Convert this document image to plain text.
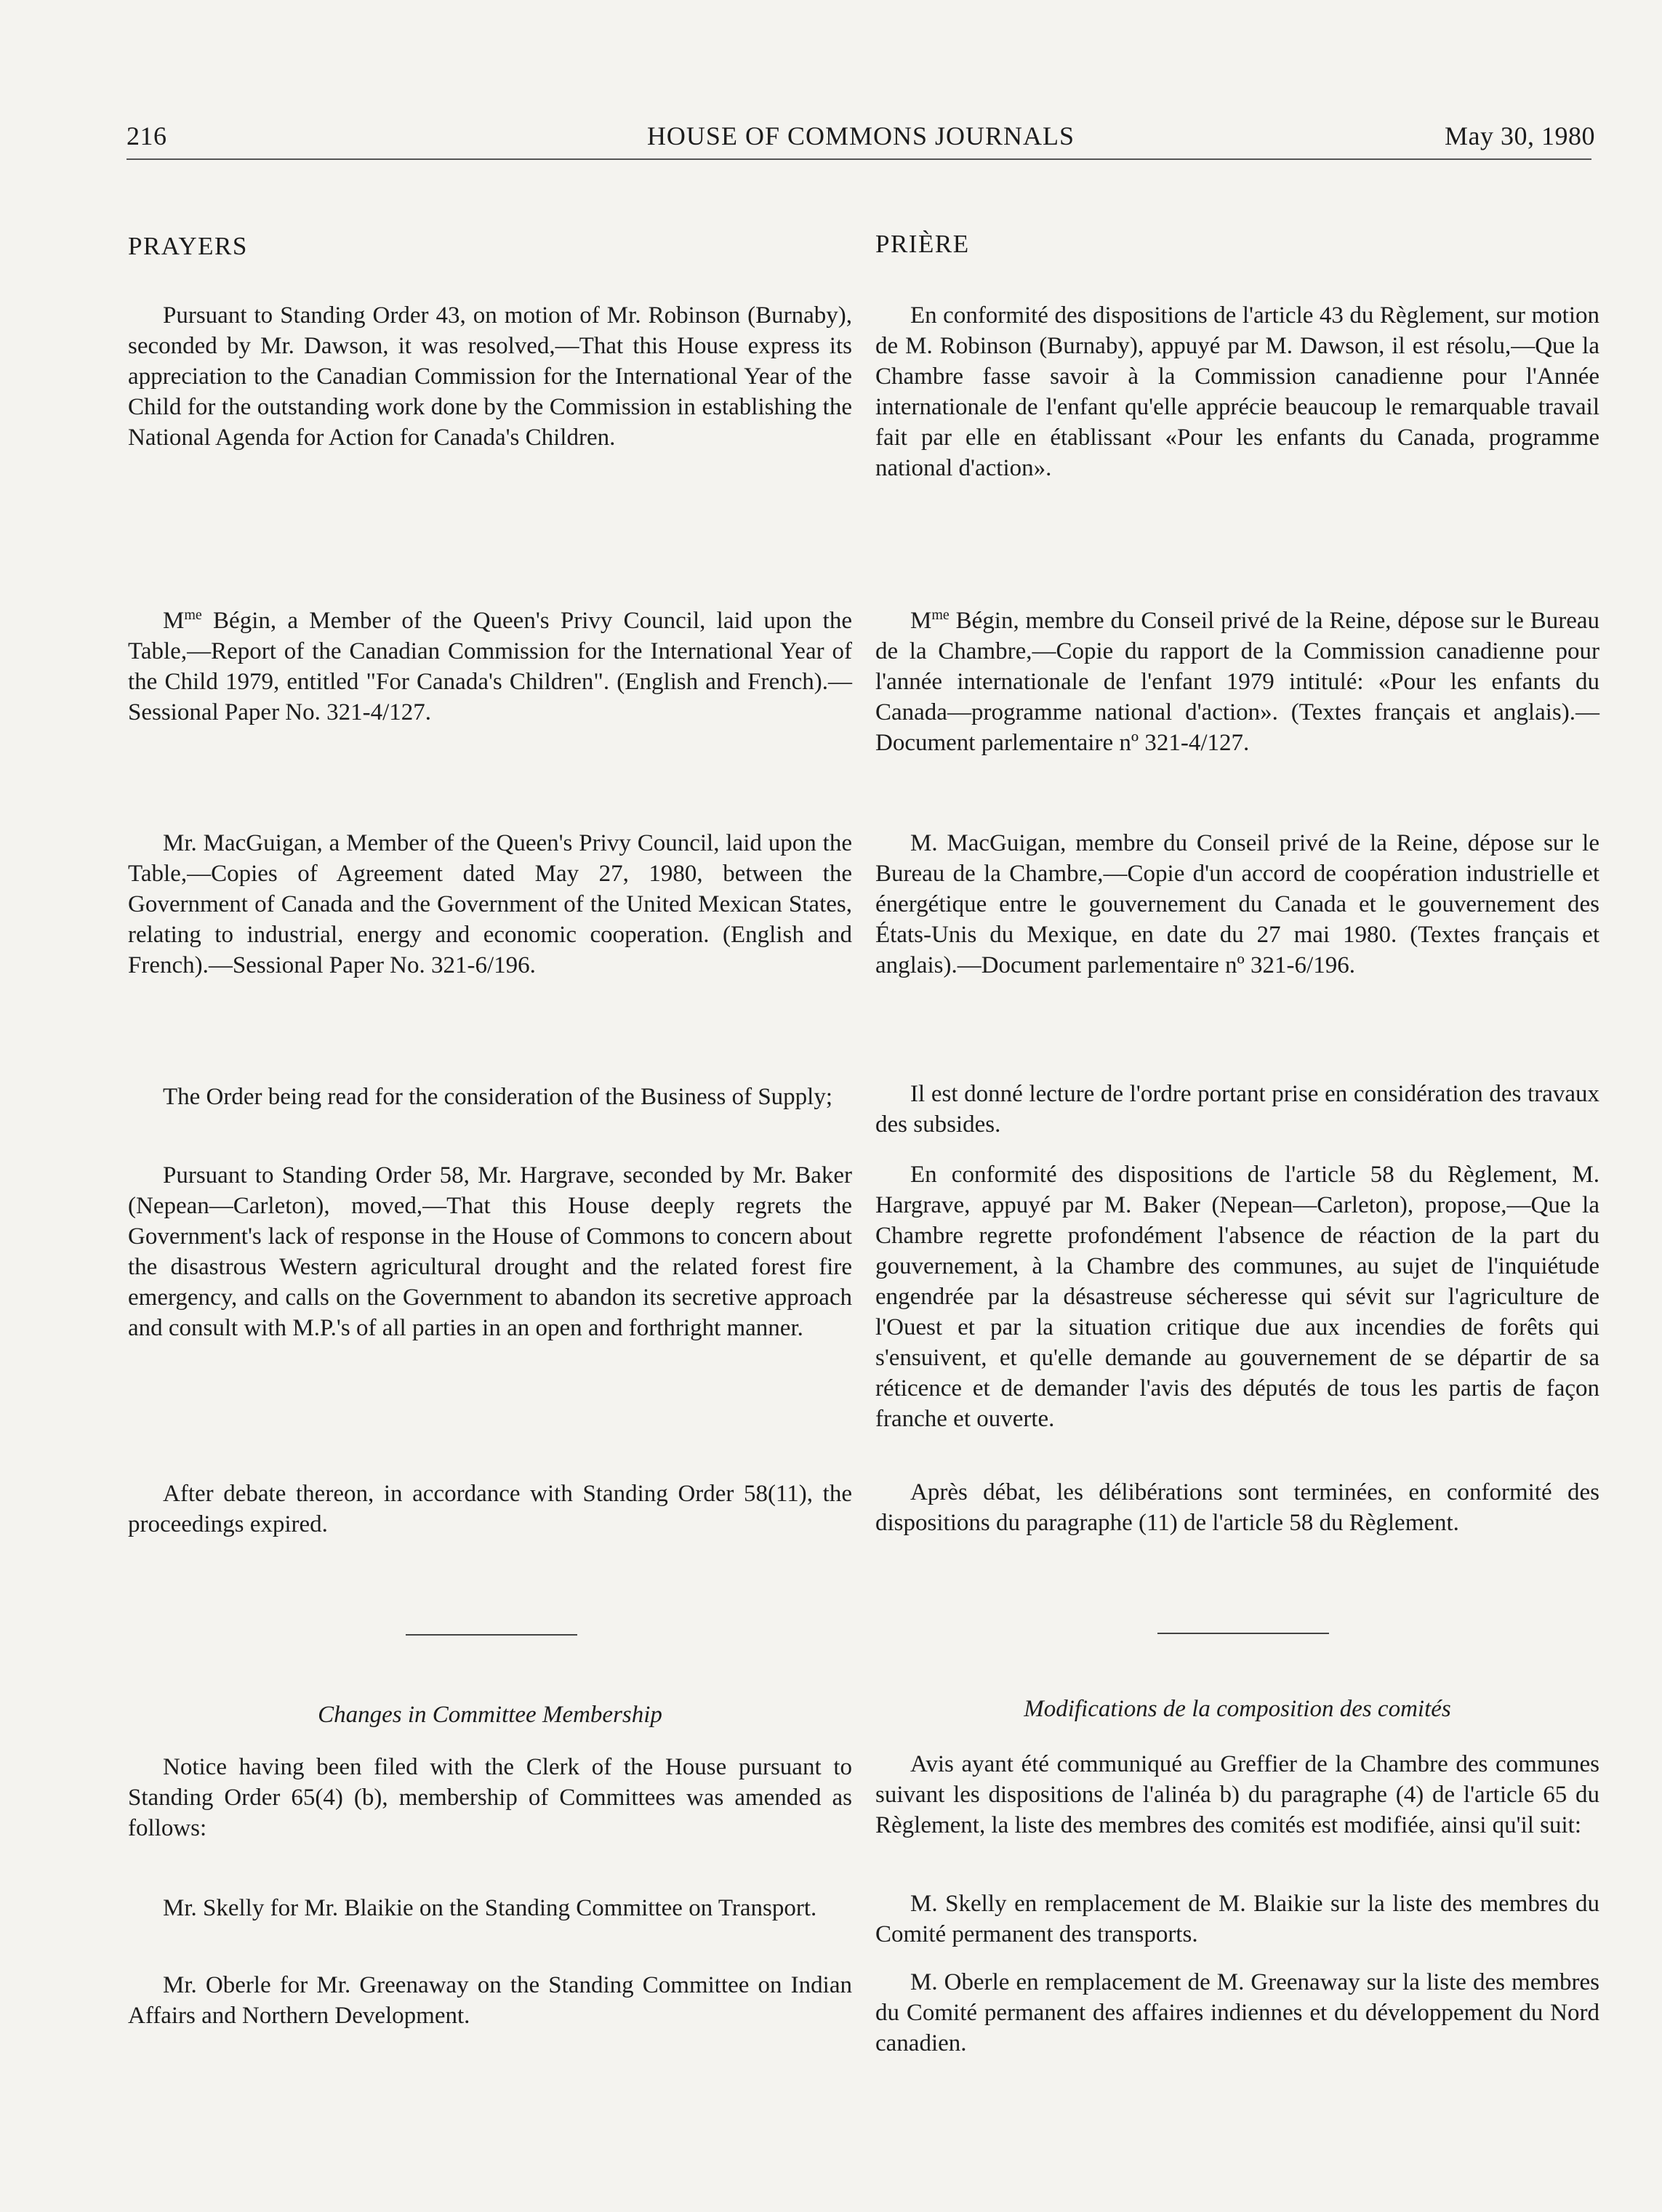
216	HOUSE OF COMMONS JOURNALS	May 30, 1980
PRAYERS

Pursuant to Standing Order 43, on motion of Mr. Robinson (Burnaby), seconded by Mr. Dawson, it was resolved,—That this House express its appreciation to the Canadian Commission for the International Year of the Child for the outstanding work done by the Commission in establishing the National Agenda for Action for Canada's Children.

$M^{me}$ Bégin, a Member of the Queen's Privy Council, laid upon the Table,—Report of the Canadian Commission for the International Year of the Child 1979, entitled "For Canada's Children". (English and French).—Sessional Paper No. 321-4/127.

Mr. MacGuigan, a Member of the Queen's Privy Council, laid upon the Table,—Copies of Agreement dated May 27, 1980, between the Government of Canada and the Government of the United Mexican States, relating to industrial, energy and economic cooperation. (English and French).—Sessional Paper No. 321-6/196.

The Order being read for the consideration of the Business of Supply;

Pursuant to Standing Order 58, Mr. Hargrave, seconded by Mr. Baker (Nepean—Carleton), moved,—That this House deeply regrets the Government's lack of response in the House of Commons to concern about the disastrous Western agricultural drought and the related forest fire emergency, and calls on the Government to abandon its secretive approach and consult with M.P.'s of all parties in an open and forthright manner.

After debate thereon, in accordance with Standing Order 58(11), the proceedings expired.

Changes in Committee Membership

Notice having been filed with the Clerk of the House pursuant to Standing Order 65(4) (b), membership of Committees was amended as follows:

Mr. Skelly for Mr. Blaikie on the Standing Committee on Transport.

Mr. Oberle for Mr. Greenaway on the Standing Committee on Indian Affairs and Northern Development.

PRIÈRE

En conformité des dispositions de l'article 43 du Règlement, sur motion de M. Robinson (Burnaby), appuyé par M. Dawson, il est résolu,—Que la Chambre fasse savoir à la Commission canadienne pour l'Année internationale de l'enfant qu'elle apprécie beaucoup le remarquable travail fait par elle en établissant «Pour les enfants du Canada, programme national d'action».

$M^{me}$ Bégin, membre du Conseil privé de la Reine, dépose sur le Bureau de la Chambre,—Copie du rapport de la Commission canadienne pour l'année internationale de l'enfant 1979 intitulé: «Pour les enfants du Canada—programme national d'action». (Textes français et anglais).—Document parlementaire nº 321-4/127.

M. MacGuigan, membre du Conseil privé de la Reine, dépose sur le Bureau de la Chambre,—Copie d'un accord de coopération industrielle et énergétique entre le gouvernement du Canada et le gouvernement des États-Unis du Mexique, en date du 27 mai 1980. (Textes français et anglais).—Document parlementaire nº 321-6/196.

Il est donné lecture de l'ordre portant prise en considération des travaux des subsides.

En conformité des dispositions de l'article 58 du Règlement, M. Hargrave, appuyé par M. Baker (Nepean—Carleton), propose,—Que la Chambre regrette profondément l'absence de réaction de la part du gouvernement, à la Chambre des communes, au sujet de l'inquiétude engendrée par la désastreuse sécheresse qui sévit sur l'agriculture de l'Ouest et par la situation critique due aux incendies de forêts qui s'ensuivent, et qu'elle demande au gouvernement de se départir de sa réticence et de demander l'avis des députés de tous les partis de façon franche et ouverte.

Après débat, les délibérations sont terminées, en conformité des dispositions du paragraphe (11) de l'article 58 du Règlement.

Modifications de la composition des comités

Avis ayant été communiqué au Greffier de la Chambre des communes suivant les dispositions de l'alinéa b) du paragraphe (4) de l'article 65 du Règlement, la liste des membres des comités est modifiée, ainsi qu'il suit:

M. Skelly en remplacement de M. Blaikie sur la liste des membres du Comité permanent des transports.

M. Oberle en remplacement de M. Greenaway sur la liste des membres du Comité permanent des affaires indiennes et du développement du Nord canadien.
